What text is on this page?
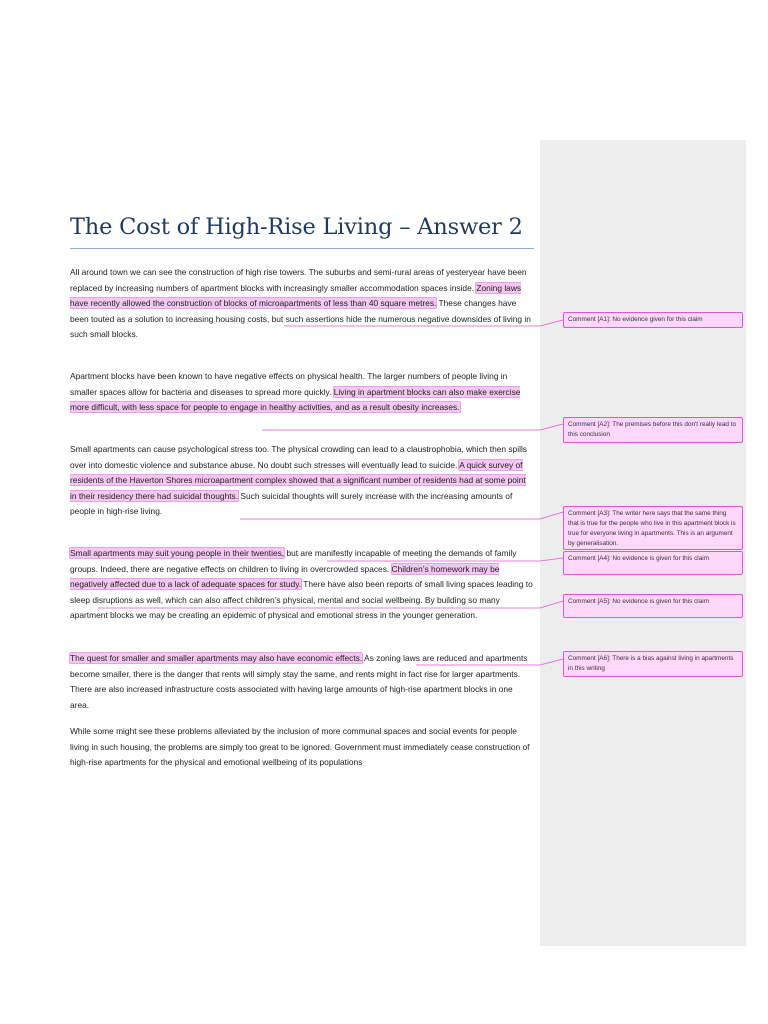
The Cost of High-Rise Living – Answer 2
All around town we can see the construction of high rise towers. The suburbs and semi-rural areas of yesteryear have been replaced by increasing numbers of apartment blocks with increasingly smaller accommodation spaces inside. Zoning laws have recently allowed the construction of blocks of microapartments of less than 40 square metres. These changes have been touted as a solution to increasing housing costs, but such assertions hide the numerous negative downsides of living in such small blocks.
Apartment blocks have been known to have negative effects on physical health. The larger numbers of people living in smaller spaces allow for bacteria and diseases to spread more quickly. Living in apartment blocks can also make exercise more difficult, with less space for people to engage in healthy activities, and as a result obesity increases.
Small apartments can cause psychological stress too. The physical crowding can lead to a claustrophobia, which then spills over into domestic violence and substance abuse. No doubt such stresses will eventually lead to suicide. A quick survey of residents of the Haverton Shores microapartment complex showed that a significant number of residents had at some point in their residency there had suicidal thoughts. Such suicidal thoughts will surely increase with the increasing amounts of people in high-rise living.
Small apartments may suit young people in their twenties, but are manifestly incapable of meeting the demands of family groups. Indeed, there are negative effects on children to living in overcrowded spaces. Children’s homework may be negatively affected due to a lack of adequate spaces for study. There have also been reports of small living spaces leading to sleep disruptions as well, which can also affect children’s physical, mental and social wellbeing. By building so many apartment blocks we may be creating an epidemic of physical and emotional stress in the younger generation.
The quest for smaller and smaller apartments may also have economic effects. As zoning laws are reduced and apartments become smaller, there is the danger that rents will simply stay the same, and rents might in fact rise for larger apartments. There are also increased infrastructure costs associated with having large amounts of high-rise apartment blocks in one area.
While some might see these problems alleviated by the inclusion of more communal spaces and social events for people living in such housing, the problems are simply too great to be ignored. Government must immediately cease construction of high-rise apartments for the physical and emotional wellbeing of its populations
Comment [A1]: No evidence given for this claim
Comment [A2]: The premises before this don't really lead to this conclusion
Comment [A3]: The writer here says that the same thing that is true for the people who live in this apartment block is true for everyone living in apartments. This is an argument by generalisation.
Comment [A4]: No evidence is given for this claim
Comment [A5]: No evidence is given for this claim
Comment [A6]: There is a bias against living in apartments in this writing
